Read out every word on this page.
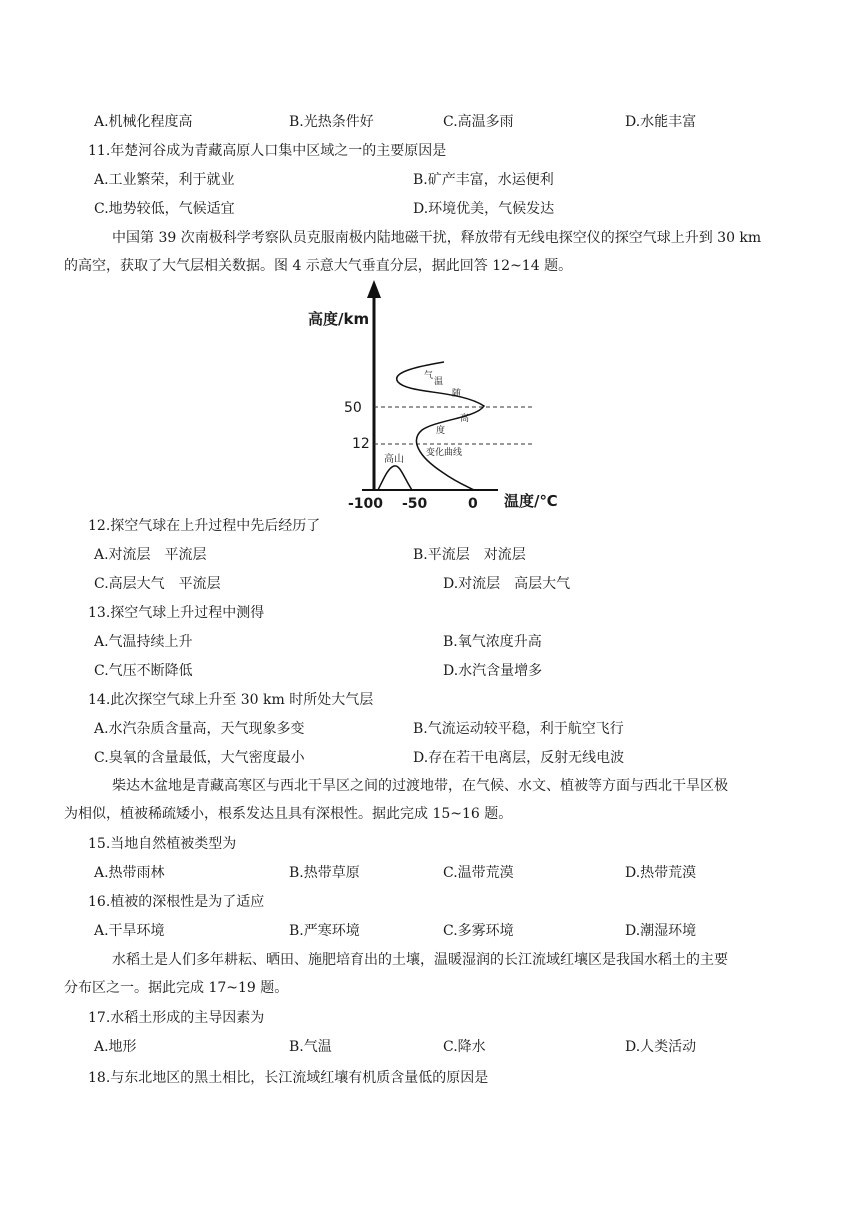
A.机械化程度高	B.光热条件好	C.高温多雨	D.水能丰富
11.年楚河谷成为青藏高原人口集中区域之一的主要原因是
A.工业繁荣，利于就业	B.矿产丰富，水运便利
C.地势较低，气候适宜	D.环境优美，气候发达
中国第 39 次南极科学考察队员克服南极内陆地磁干扰，释放带有无线电探空仪的探空气球上升到 30 km
的高空，获取了大气层相关数据。图 4 示意大气垂直分层，据此回答 12~14 题。
高度/km
温度/℃
50
12
-100 -50	0
高山
气
温
随
高
度
变化曲线
12.探空气球在上升过程中先后经历了
A.对流层　平流层	B.平流层　对流层
C.高层大气　平流层	D.对流层　高层大气
13.探空气球上升过程中测得
A.气温持续上升	B.氧气浓度升高
C.气压不断降低	D.水汽含量增多
14.此次探空气球上升至 30 km 时所处大气层
A.水汽杂质含量高，天气现象多变	B.气流运动较平稳，利于航空飞行
C.臭氧的含量最低，大气密度最小	D.存在若干电离层，反射无线电波
柴达木盆地是青藏高寒区与西北干旱区之间的过渡地带，在气候、水文、植被等方面与西北干旱区极
为相似，植被稀疏矮小，根系发达且具有深根性。据此完成 15~16 题。
15.当地自然植被类型为
A.热带雨林	B.热带草原	C.温带荒漠	D.热带荒漠
16.植被的深根性是为了适应
A.干旱环境	B.严寒环境	C.多雾环境	D.潮湿环境
水稻土是人们多年耕耘、晒田、施肥培育出的土壤，温暖湿润的长江流域红壤区是我国水稻土的主要
分布区之一。据此完成 17~19 题。
17.水稻土形成的主导因素为
A.地形	B.气温	C.降水	D.人类活动
18.与东北地区的黑土相比，长江流域红壤有机质含量低的原因是
